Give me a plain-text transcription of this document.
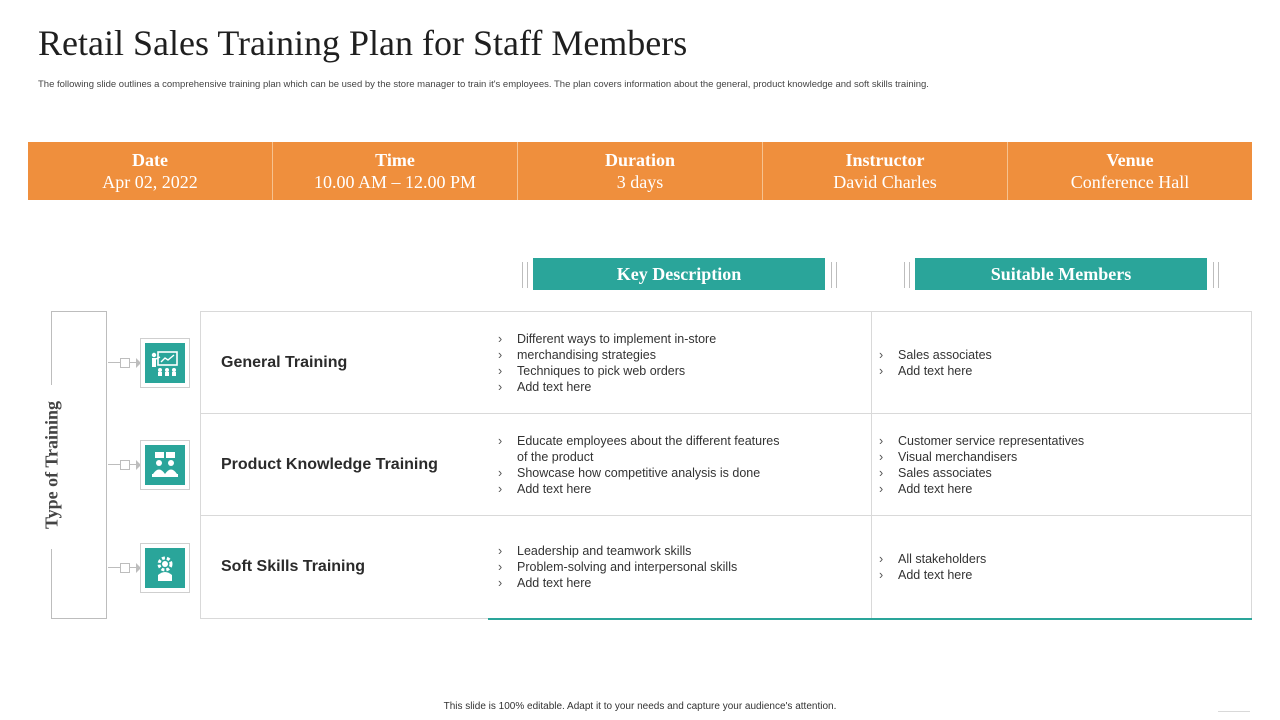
Retail Sales Training Plan for Staff Members
The following slide outlines a comprehensive training plan which can be used by the store manager to train it's employees. The plan covers information about the general, product knowledge and soft skills training.
Date
Apr 02, 2022
Time
10.00 AM – 12.00 PM
Duration
3 days
Instructor
David Charles
Venue
Conference Hall
Key Description	Suitable Members
Type of Training
General Training
› Different ways to implement in-store
› merchandising strategies
› Techniques to pick web orders
› Add text here
› Sales associates
› Add text here
Product Knowledge Training
› Educate employees about the different features
of the product
› Showcase how competitive analysis is done
› Add text here
› Customer service representatives
› Visual merchandisers
› Sales associates
› Add text here
Soft Skills Training
› Leadership and teamwork skills
› Problem-solving and interpersonal skills
› Add text here
› All stakeholders
› Add text here
This slide is 100% editable. Adapt it to your needs and capture your audience's attention.
